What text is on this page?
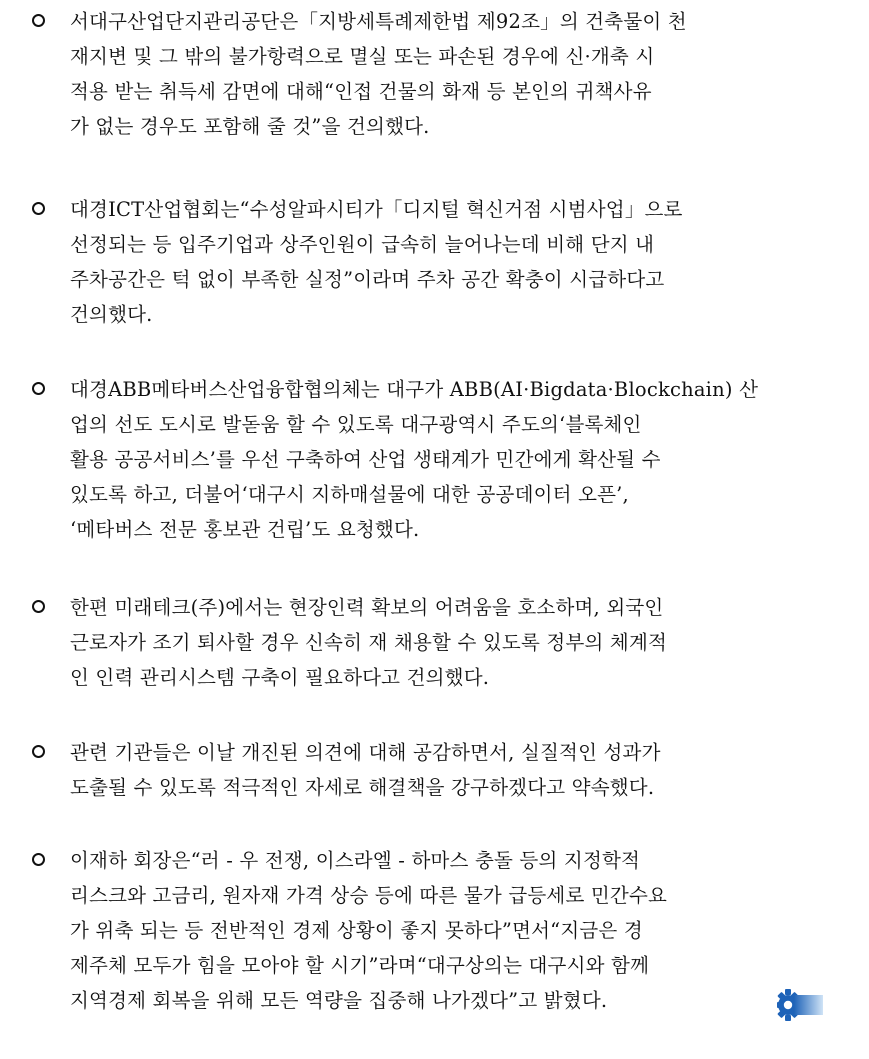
서대구산업단지관리공단은「지방세특례제한법 제92조」의 건축물이 천
재지변 및 그 밖의 불가항력으로 멸실 또는 파손된 경우에 신·개축 시
적용 받는 취득세 감면에 대해“인접 건물의 화재 등 본인의 귀책사유
가 없는 경우도 포함해 줄 것”을 건의했다.
대경ICT산업협회는“수성알파시티가「디지털 혁신거점 시범사업」으로
선정되는 등 입주기업과 상주인원이 급속히 늘어나는데 비해 단지 내
주차공간은 턱 없이 부족한 실정”이라며 주차 공간 확충이 시급하다고
건의했다.
대경ABB메타버스산업융합협의체는 대구가 ABB(AI·Bigdata·Blockchain) 산
업의 선도 도시로 발돋움 할 수 있도록 대구광역시 주도의‘블록체인
활용 공공서비스’를 우선 구축하여 산업 생태계가 민간에게 확산될 수
있도록 하고, 더불어‘대구시 지하매설물에 대한 공공데이터 오픈’,
‘메타버스 전문 홍보관 건립’도 요청했다.
한편 미래테크(주)에서는 현장인력 확보의 어려움을 호소하며, 외국인
근로자가 조기 퇴사할 경우 신속히 재 채용할 수 있도록 정부의 체계적
인 인력 관리시스템 구축이 필요하다고 건의했다.
관련 기관들은 이날 개진된 의견에 대해 공감하면서, 실질적인 성과가
도출될 수 있도록 적극적인 자세로 해결책을 강구하겠다고 약속했다.
이재하 회장은“러 - 우 전쟁, 이스라엘 - 하마스 충돌 등의 지정학적
리스크와 고금리, 원자재 가격 상승 등에 따른 물가 급등세로 민간수요
가 위축 되는 등 전반적인 경제 상황이 좋지 못하다”면서“지금은 경
제주체 모두가 힘을 모아야 할 시기”라며“대구상의는 대구시와 함께
지역경제 회복을 위해 모든 역량을 집중해 나가겠다”고 밝혔다.
